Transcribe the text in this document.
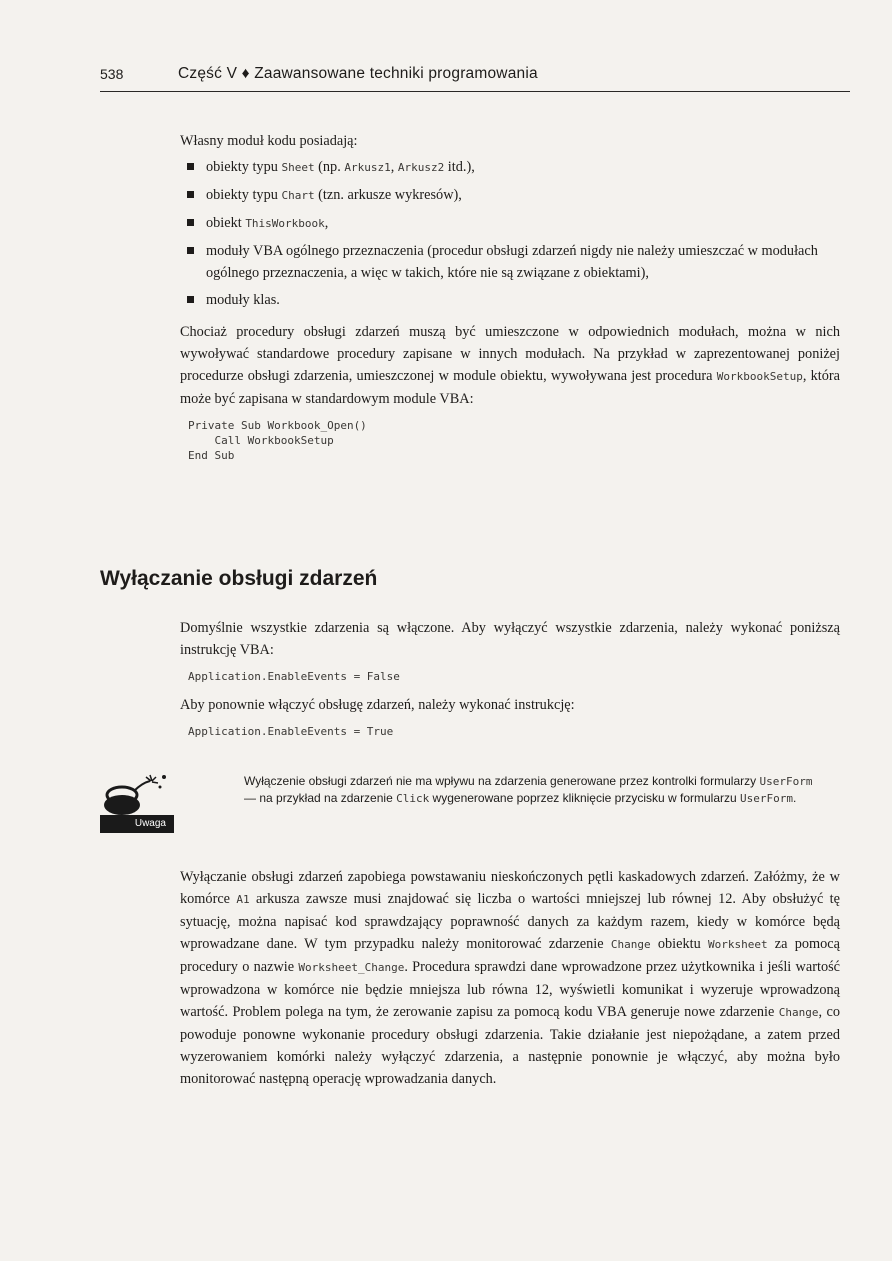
538	Część V ♦ Zaawansowane techniki programowania

Własny moduł kodu posiadają:

obiekty typu Sheet (np. Arkusz1, Arkusz2 itd.),
obiekty typu Chart (tzn. arkusze wykresów),
obiekt ThisWorkbook,
moduły VBA ogólnego przeznaczenia (procedur obsługi zdarzeń nigdy nie należy umieszczać w modułach ogólnego przeznaczenia, a więc w takich, które nie są związane z obiektami),
moduły klas.

Chociaż procedury obsługi zdarzeń muszą być umieszczone w odpowiednich modułach, można w nich wywoływać standardowe procedury zapisane w innych modułach. Na przykład w zaprezentowanej poniżej procedurze obsługi zdarzenia, umieszczonej w module obiektu, wywoływana jest procedura WorkbookSetup, która może być zapisana w standardowym module VBA:

Private Sub Workbook_Open()
Call WorkbookSetup
End Sub
Wyłączanie obsługi zdarzeń

Domyślnie wszystkie zdarzenia są włączone. Aby wyłączyć wszystkie zdarzenia, należy wykonać poniższą instrukcję VBA:

Application.EnableEvents = False

Aby ponownie włączyć obsługę zdarzeń, należy wykonać instrukcję:

Application.EnableEvents = True
Uwaga
Wyłączenie obsługi zdarzeń nie ma wpływu na zdarzenia generowane przez kontrolki formularzy UserForm — na przykład na zdarzenie Click wygenerowane poprzez kliknięcie przycisku w formularzu UserForm.

Wyłączanie obsługi zdarzeń zapobiega powstawaniu nieskończonych pętli kaskadowych zdarzeń. Załóżmy, że w komórce A1 arkusza zawsze musi znajdować się liczba o wartości mniejszej lub równej 12. Aby obsłużyć tę sytuację, można napisać kod sprawdzający poprawność danych za każdym razem, kiedy w komórce będą wprowadzane dane. W tym przypadku należy monitorować zdarzenie Change obiektu Worksheet za pomocą procedury o nazwie Worksheet_Change. Procedura sprawdzi dane wprowadzone przez użytkownika i jeśli wartość wprowadzona w komórce nie będzie mniejsza lub równa 12, wyświetli komunikat i wyzeruje wprowadzoną wartość. Problem polega na tym, że zerowanie zapisu za pomocą kodu VBA generuje nowe zdarzenie Change, co powoduje ponowne wykonanie procedury obsługi zdarzenia. Takie działanie jest niepożądane, a zatem przed wyzerowaniem komórki należy wyłączyć zdarzenia, a następnie ponownie je włączyć, aby można było monitorować następną operację wprowadzania danych.
